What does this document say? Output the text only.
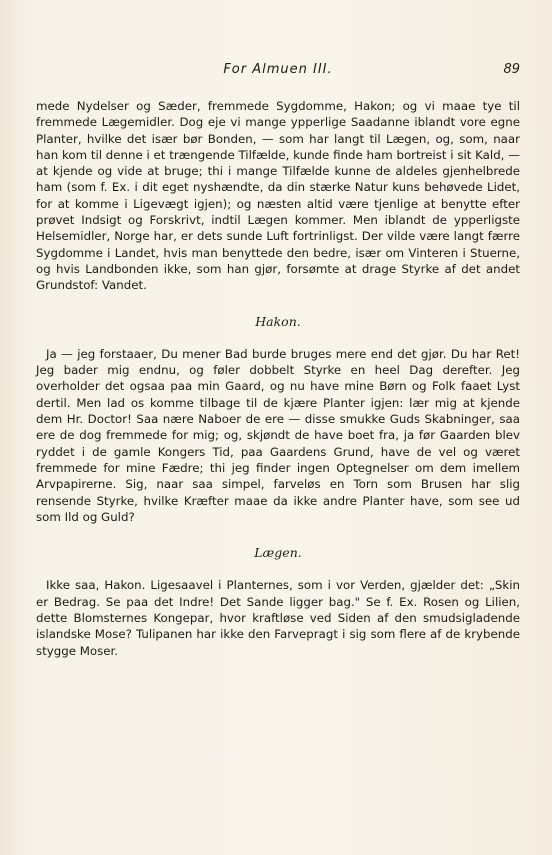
For Almuen III.	89

mede Nydelser og Sæder, fremmede Sygdomme, Hakon; og vi maae tye til fremmede Lægemidler. Dog eje vi mange ypperlige Saadanne iblandt vore egne Planter, hvilke det især bør Bonden, — som har langt til Lægen, og, som, naar han kom til denne i et trængende Tilfælde, kunde finde ham bortreist i sit Kald, — at kjende og vide at bruge; thi i mange Tilfælde kunne de aldeles gjenhelbrede ham (som f. Ex. i dit eget nyshændte, da din stærke Natur kuns behøvede Lidet, for at komme i Ligevægt igjen); og næsten altid være tjenlige at benytte efter prøvet Indsigt og Forskrivt, indtil Lægen kommer. Men iblandt de ypperligste Helsemidler, Norge har, er dets sunde Luft fortrinligst. Der vilde være langt færre Sygdomme i Landet, hvis man benyttede den bedre, især om Vinteren i Stuerne, og hvis Landbonden ikke, som han gjør, forsømte at drage Styrke af det andet Grundstof: Vandet.

Hakon.

Ja — jeg forstaaer, Du mener Bad burde bruges mere end det gjør. Du har Ret! Jeg bader mig endnu, og føler dobbelt Styrke en heel Dag derefter. Jeg overholder det ogsaa paa min Gaard, og nu have mine Børn og Folk faaet Lyst dertil. Men lad os komme tilbage til de kjære Planter igjen: lær mig at kjende dem Hr. Doctor! Saa nære Naboer de ere — disse smukke Guds Skabninger, saa ere de dog fremmede for mig; og, skjøndt de have boet fra, ja før Gaarden blev ryddet i de gamle Kongers Tid, paa Gaardens Grund, have de vel og været fremmede for mine Fædre; thi jeg finder ingen Optegnelser om dem imellem Arvpapirerne. Sig, naar saa simpel, farveløs en Torn som Brusen har slig rensende Styrke, hvilke Kræfter maae da ikke andre Planter have, som see ud som Ild og Guld?

Lægen.

Ikke saa, Hakon. Ligesaavel i Planternes, som i vor Verden, gjælder det: „Skin er Bedrag. Se paa det Indre! Det Sande ligger bag." Se f. Ex. Rosen og Lilien, dette Blomsternes Kongepar, hvor kraftløse ved Siden af den smudsigladende islandske Mose? Tulipanen har ikke den Farvepragt i sig som flere af de krybende stygge Moser.
